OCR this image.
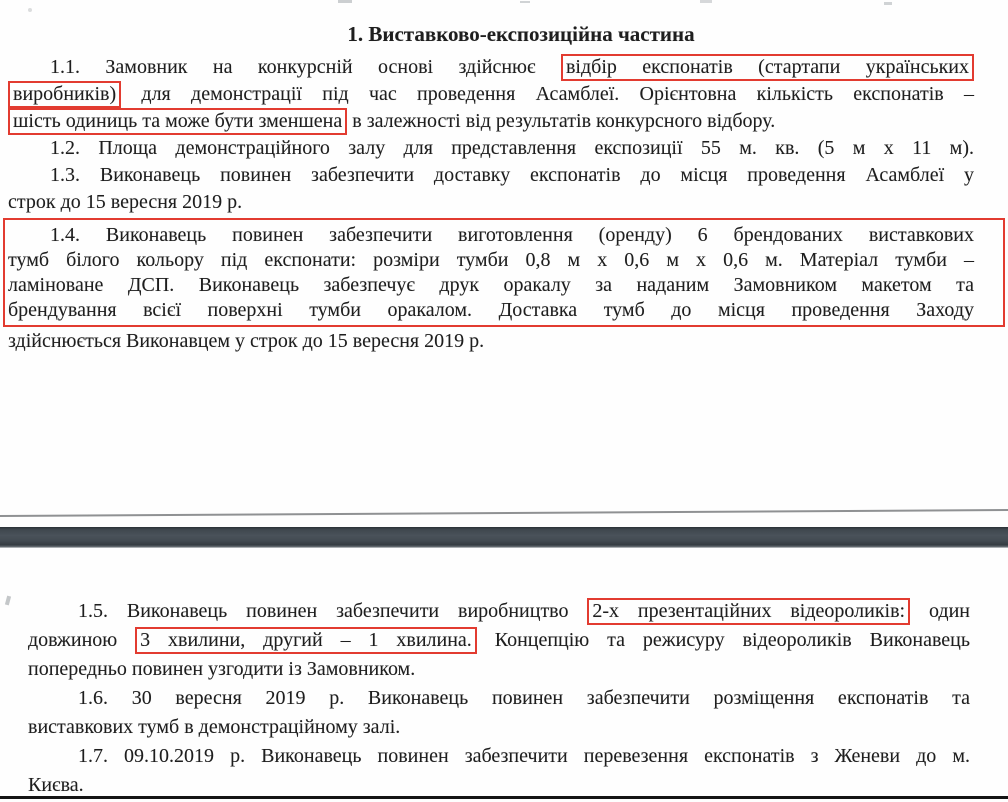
1. Виставково-експозиційна частина
1.1. Замовник на конкурсній основі здійснює відбір експонатів (стартапи українських
виробників) для демонстрації під час проведення Асамблеї. Орієнтовна кількість експонатів –
шість одиниць та може бути зменшена в залежності від результатів конкурсного відбору.
1.2. Площа демонстраційного залу для представлення експозиції 55 м. кв. (5 м х 11 м).
1.3. Виконавець повинен забезпечити доставку експонатів до місця проведення Асамблеї у
строк до 15 вересня 2019 р.
1.4. Виконавець повинен забезпечити виготовлення (оренду) 6 брендованих виставкових
тумб білого кольору під експонати: розміри тумби 0,8 м х 0,6 м х 0,6 м. Матеріал тумби –
ламіноване ДСП. Виконавець забезпечує друк оракалу за наданим Замовником макетом та
брендування всієї поверхні тумби оракалом. Доставка тумб до місця проведення Заходу
здійснюється Виконавцем у строк до 15 вересня 2019 р.
1.5. Виконавець повинен забезпечити виробництво 2-х презентаційних відеороликів: один
довжиною 3 хвилини, другий – 1 хвилина. Концепцію та режисуру відеороликів Виконавець
попередньо повинен узгодити із Замовником.
1.6. 30 вересня 2019 р. Виконавець повинен забезпечити розміщення експонатів та
виставкових тумб в демонстраційному залі.
1.7. 09.10.2019 р. Виконавець повинен забезпечити перевезення експонатів з Женеви до м.
Києва.
